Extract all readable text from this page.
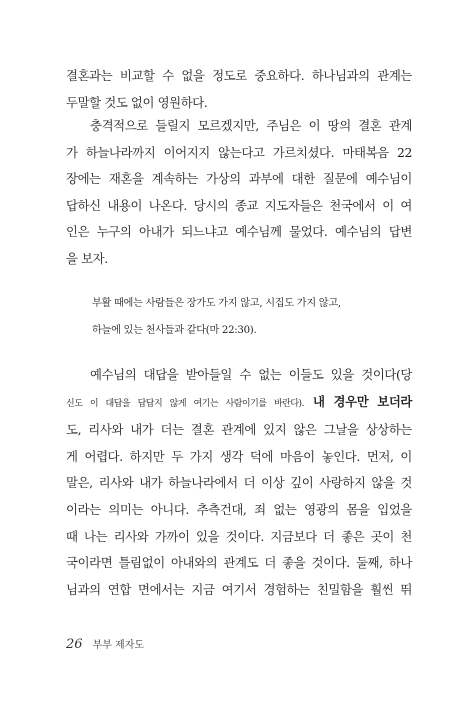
결혼과는 비교할 수 없을 정도로 중요하다. 하나님과의 관계는
두말할 것도 없이 영원하다.
충격적으로 들릴지 모르겠지만, 주님은 이 땅의 결혼 관계
가 하늘나라까지 이어지지 않는다고 가르치셨다. 마태복음 22
장에는 재혼을 계속하는 가상의 과부에 대한 질문에 예수님이
답하신 내용이 나온다. 당시의 종교 지도자들은 천국에서 이 여
인은 누구의 아내가 되느냐고 예수님께 물었다. 예수님의 답변
을 보자.
부활 때에는 사람들은 장가도 가지 않고, 시집도 가지 않고,
하늘에 있는 천사들과 같다(마 22:30).
예수님의 대답을 받아들일 수 없는 이들도 있을 것이다(당
신도 이 대답을 답답지 않게 여기는 사람이기를 바란다). 내 경우만 보더라
도, 리사와 내가 더는 결혼 관계에 있지 않은 그날을 상상하는
게 어렵다. 하지만 두 가지 생각 덕에 마음이 놓인다. 먼저, 이
말은, 리사와 내가 하늘나라에서 더 이상 깊이 사랑하지 않을 것
이라는 의미는 아니다. 추측건대, 죄 없는 영광의 몸을 입었을
때 나는 리사와 가까이 있을 것이다. 지금보다 더 좋은 곳이 천
국이라면 틀림없이 아내와의 관계도 더 좋을 것이다. 둘째, 하나
님과의 연합 면에서는 지금 여기서 경험하는 친밀함을 훨씬 뛰
26 부부 제자도
